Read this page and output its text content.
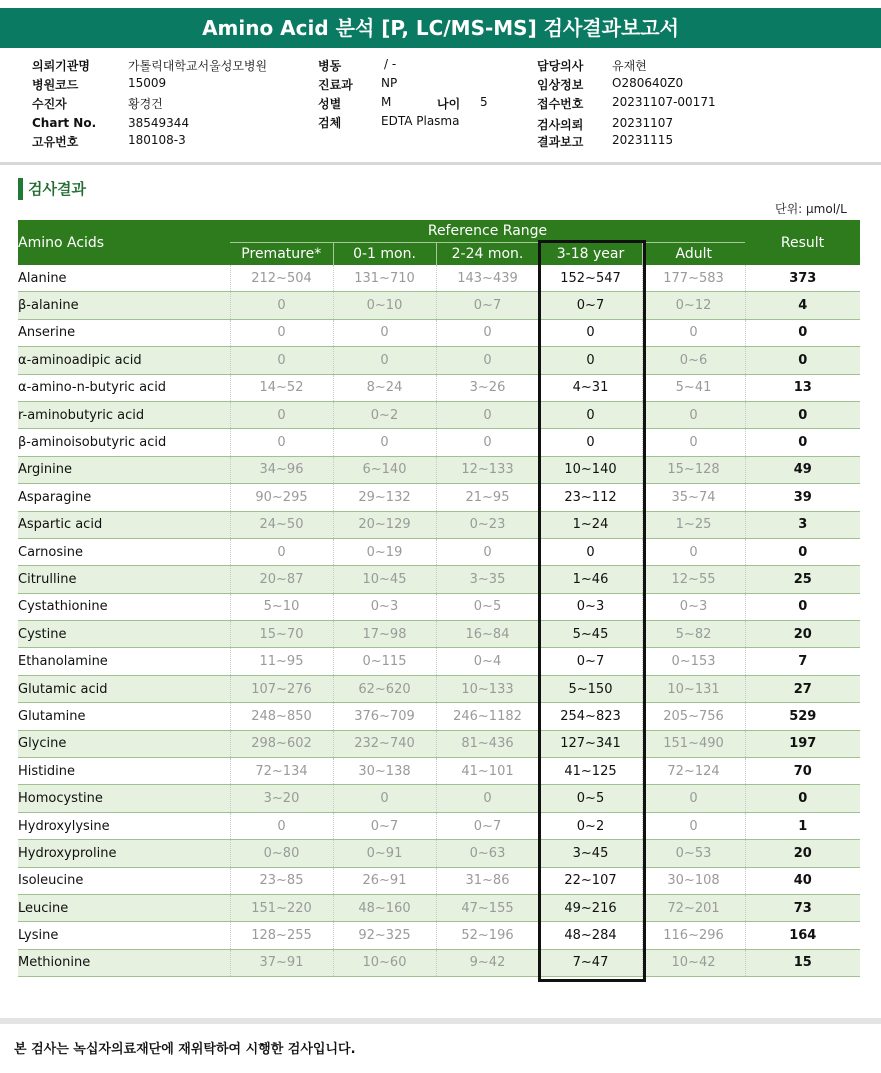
Amino Acid 분석 [P, LC/MS-MS] 검사결과보고서
의뢰기관명	가톨릭대학교서울성모병원
병원코드	15009
수진자	황경건
Chart No.	38549344
고유번호	180108-3
병동	/ -
진료과 NP
성별	M	나이 5
검체	EDTA Plasma
담당의사 유재현
임상정보 O280640Z0
접수번호 20231107-00171
검사의뢰 20231107
결과보고 20231115
검사결과
단위: μmol/L
Amino Acids	Reference Range					Result
	Premature*	0-1 mon.	2-24 mon.	3-18 year	Adult	
Alanine	212~504	131~710	143~439	152~547	177~583	373
β-alanine	0	0~10	0~7	0~7	0~12	4
Anserine	0	0	0	0	0	0
α-aminoadipic acid	0	0	0	0	0~6	0
α-amino-n-butyric acid	14~52	8~24	3~26	4~31	5~41	13
r-aminobutyric acid	0	0~2	0	0	0	0
β-aminoisobutyric acid	0	0	0	0	0	0
Arginine	34~96	6~140	12~133	10~140	15~128	49
Asparagine	90~295	29~132	21~95	23~112	35~74	39
Aspartic acid	24~50	20~129	0~23	1~24	1~25	3
Carnosine	0	0~19	0	0	0	0
Citrulline	20~87	10~45	3~35	1~46	12~55	25
Cystathionine	5~10	0~3	0~5	0~3	0~3	0
Cystine	15~70	17~98	16~84	5~45	5~82	20
Ethanolamine	11~95	0~115	0~4	0~7	0~153	7
Glutamic acid	107~276	62~620	10~133	5~150	10~131	27
Glutamine	248~850	376~709	246~1182	254~823	205~756	529
Glycine	298~602	232~740	81~436	127~341	151~490	197
Histidine	72~134	30~138	41~101	41~125	72~124	70
Homocystine	3~20	0	0	0~5	0	0
Hydroxylysine	0	0~7	0~7	0~2	0	1
Hydroxyproline	0~80	0~91	0~63	3~45	0~53	20
Isoleucine	23~85	26~91	31~86	22~107	30~108	40
Leucine	151~220	48~160	47~155	49~216	72~201	73
Lysine	128~255	92~325	52~196	48~284	116~296	164
Methionine	37~91	10~60	9~42	7~47	10~42	15
본 검사는 녹십자의료재단에 재위탁하여 시행한 검사입니다.
